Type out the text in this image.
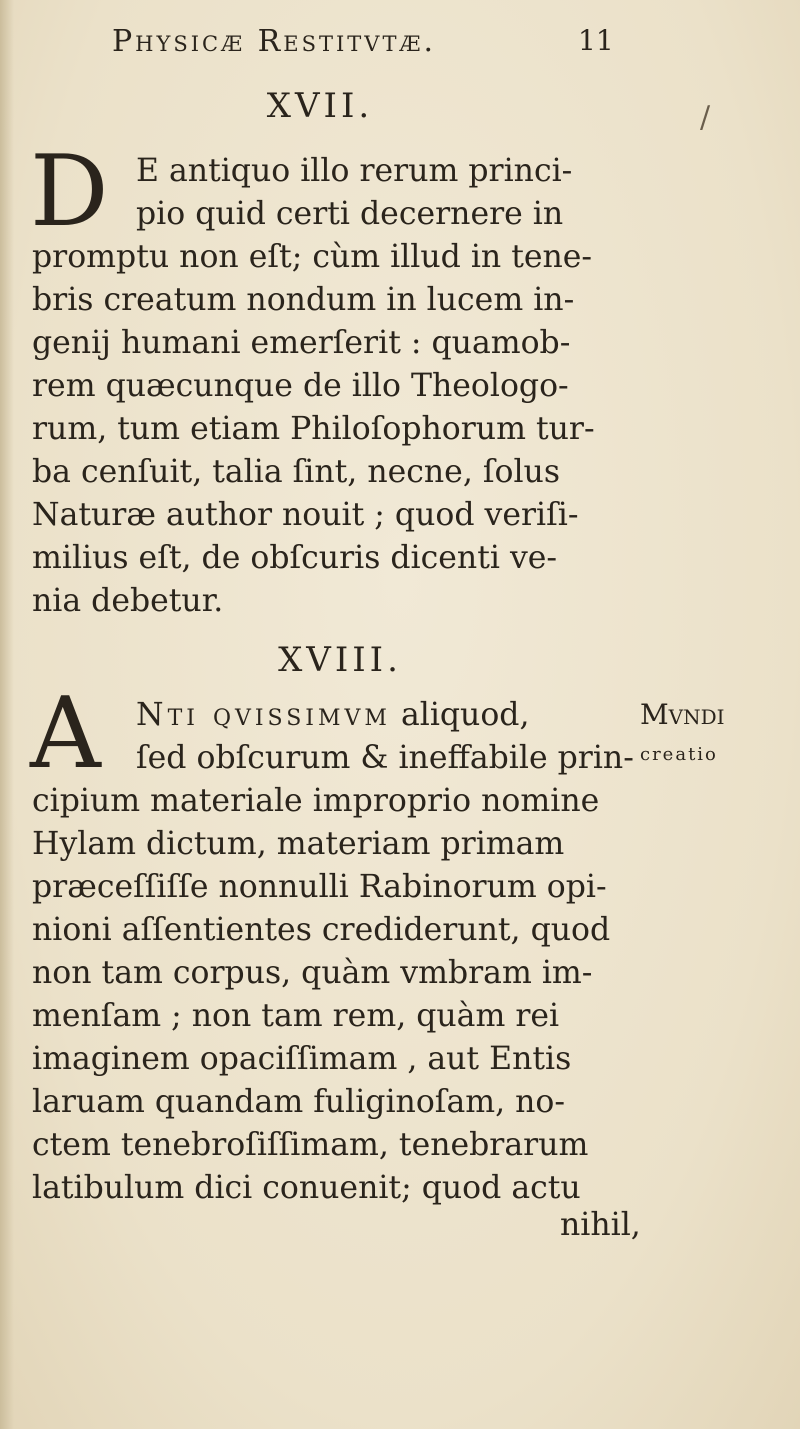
Physicæ Restitvtæ.	11
/
XVII.
D E antiquo illo rerum princi-
pio quid certi decernere in
promptu non eſt; cùm illud in tene-
bris creatum nondum in lucem in-
genij humani emerſerit : quamob-
rem quæcunque de illo Theologo-
rum, tum etiam Philoſophorum tur-
ba cenſuit, talia ſint, necne, ſolus
Naturæ author nouit ; quod veriſi-
milius eſt, de obſcuris dicenti ve-
nia debetur.
XVIII.
A	Nti qvissimvm aliquod,
ſed obſcurum & ineffabile prin-
cipium materiale improprio nomine
Hylam dictum, materiam primam
præceſſiſſe nonnulli Rabinorum opi-
nioni aſſentientes crediderunt, quod
non tam corpus, quàm vmbram im-
menſam ; non tam rem, quàm rei
imaginem opaciſſimam , aut Entis
laruam quandam fuliginoſam, no-
ctem tenebroſiſſimam, tenebrarum
latibulum dici conuenit; quod actu
Mvndi
creatio
nihil,
